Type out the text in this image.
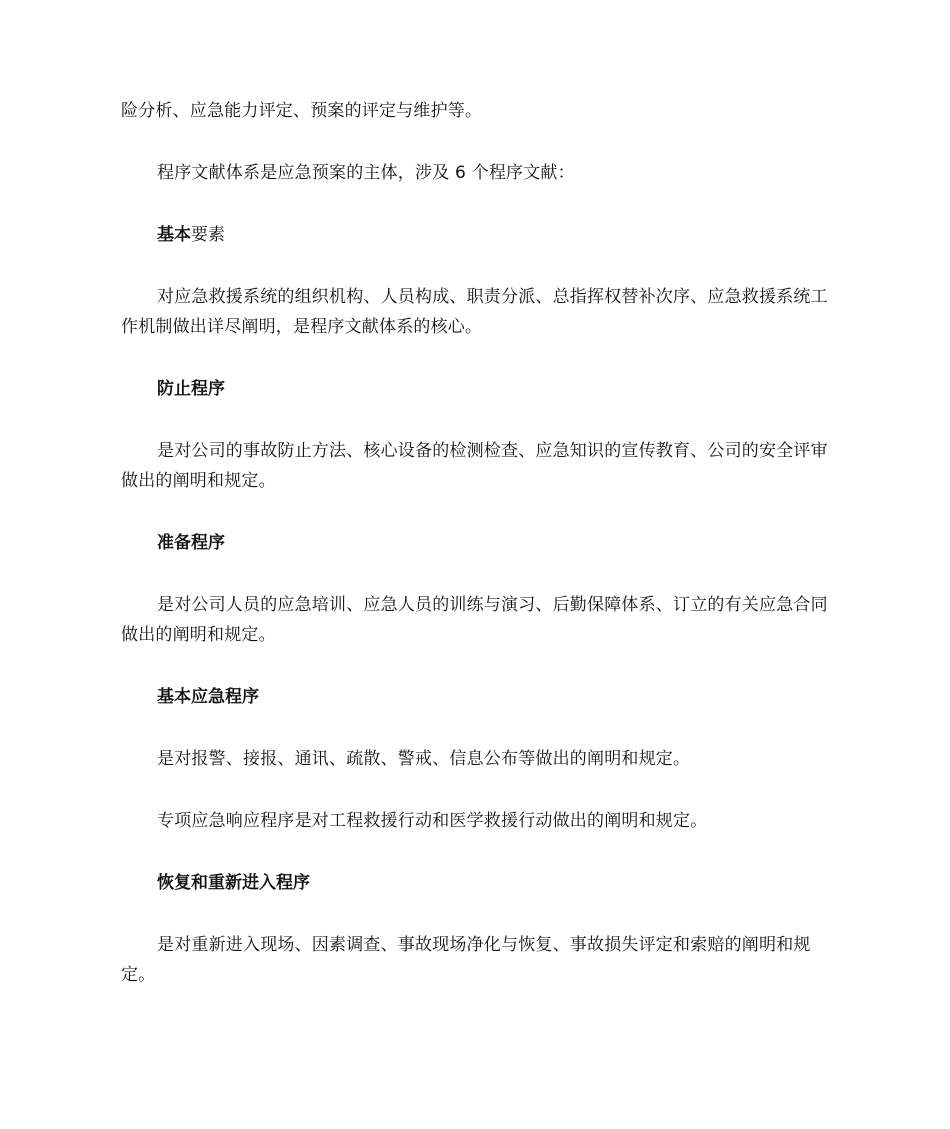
险分析、应急能力评定、预案的评定与维护等。

程序文献体系是应急预案的主体，涉及 6 个程序文献：

基本要素

对应急救援系统的组织机构、人员构成、职责分派、总指挥权替补次序、应急救援系统工作机制做出详尽阐明，是程序文献体系的核心。

防止程序

是对公司的事故防止方法、核心设备的检测检查、应急知识的宣传教育、公司的安全评审做出的阐明和规定。

准备程序

是对公司人员的应急培训、应急人员的训练与演习、后勤保障体系、订立的有关应急合同做出的阐明和规定。

基本应急程序

是对报警、接报、通讯、疏散、警戒、信息公布等做出的阐明和规定。

专项应急响应程序是对工程救援行动和医学救援行动做出的阐明和规定。

恢复和重新进入程序

是对重新进入现场、因素调查、事故现场净化与恢复、事故损失评定和索赔的阐明和规定。
